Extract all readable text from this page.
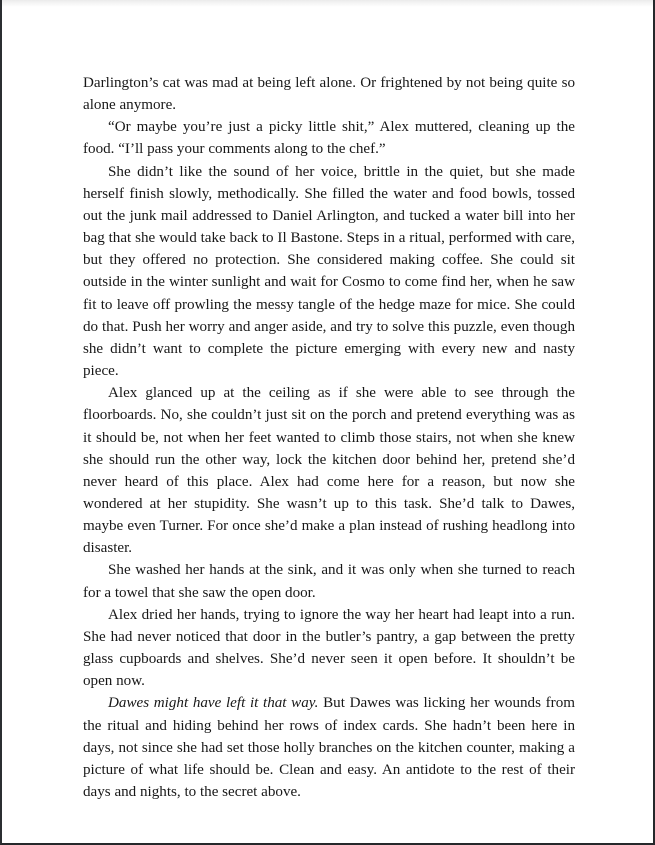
Darlington’s cat was mad at being left alone. Or frightened by not being quite so alone anymore.

“Or maybe you’re just a picky little shit,” Alex muttered, cleaning up the food. “I’ll pass your comments along to the chef.”

She didn’t like the sound of her voice, brittle in the quiet, but she made herself finish slowly, methodically. She filled the water and food bowls, tossed out the junk mail addressed to Daniel Arlington, and tucked a water bill into her bag that she would take back to Il Bastone. Steps in a ritual, performed with care, but they offered no protection. She considered making coffee. She could sit outside in the winter sunlight and wait for Cosmo to come find her, when he saw fit to leave off prowling the messy tangle of the hedge maze for mice. She could do that. Push her worry and anger aside, and try to solve this puzzle, even though she didn’t want to complete the picture emerging with every new and nasty piece.

Alex glanced up at the ceiling as if she were able to see through the floorboards. No, she couldn’t just sit on the porch and pretend everything was as it should be, not when her feet wanted to climb those stairs, not when she knew she should run the other way, lock the kitchen door behind her, pretend she’d never heard of this place. Alex had come here for a reason, but now she wondered at her stupidity. She wasn’t up to this task. She’d talk to Dawes, maybe even Turner. For once she’d make a plan instead of rushing headlong into disaster.

She washed her hands at the sink, and it was only when she turned to reach for a towel that she saw the open door.

Alex dried her hands, trying to ignore the way her heart had leapt into a run. She had never noticed that door in the butler’s pantry, a gap between the pretty glass cupboards and shelves. She’d never seen it open before. It shouldn’t be open now.

Dawes might have left it that way. But Dawes was licking her wounds from the ritual and hiding behind her rows of index cards. She hadn’t been here in days, not since she had set those holly branches on the kitchen counter, making a picture of what life should be. Clean and easy. An antidote to the rest of their days and nights, to the secret above.
